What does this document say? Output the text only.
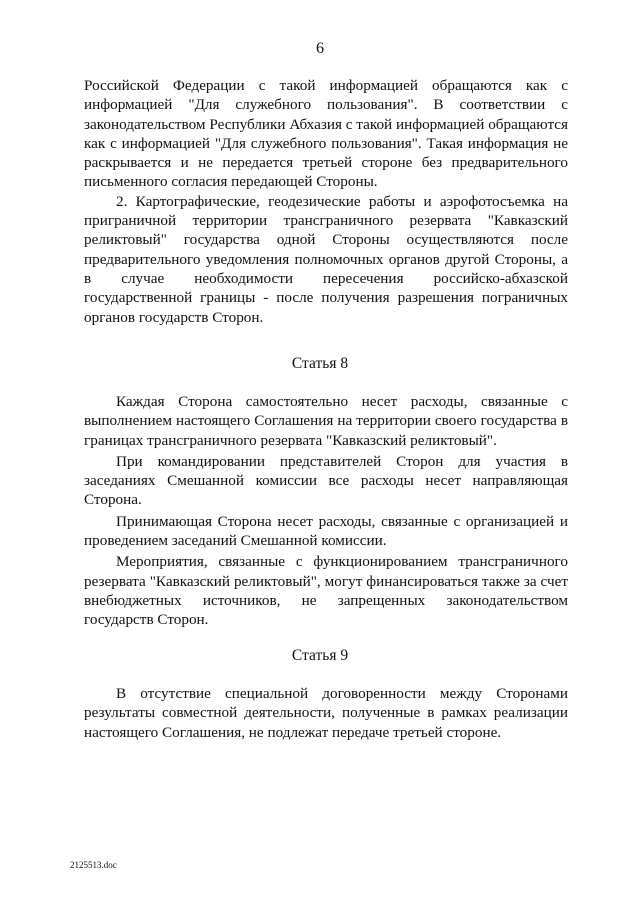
6

Российской Федерации с такой информацией обращаются как с информацией "Для служебного пользования". В соответствии с законодательством Республики Абхазия с такой информацией обращаются как с информацией "Для служебного пользования". Такая информация не раскрывается и не передается третьей стороне без предварительного письменного согласия передающей Стороны.

2. Картографические, геодезические работы и аэрофотосъемка на приграничной территории трансграничного резервата "Кавказский реликтовый" государства одной Стороны осуществляются после предварительного уведомления полномочных органов другой Стороны, а в случае необходимости пересечения российско-абхазской государственной границы - после получения разрешения пограничных органов государств Сторон.

Статья 8

Каждая Сторона самостоятельно несет расходы, связанные с выполнением настоящего Соглашения на территории своего государства в границах трансграничного резервата "Кавказский реликтовый".

При командировании представителей Сторон для участия в заседаниях Смешанной комиссии все расходы несет направляющая Сторона.

Принимающая Сторона несет расходы, связанные с организацией и проведением заседаний Смешанной комиссии.

Мероприятия, связанные с функционированием трансграничного резервата "Кавказский реликтовый", могут финансироваться также за счет внебюджетных источников, не запрещенных законодательством государств Сторон.

Статья 9

В отсутствие специальной договоренности между Сторонами результаты совместной деятельности, полученные в рамках реализации настоящего Соглашения, не подлежат передаче третьей стороне.

2125513.doc
